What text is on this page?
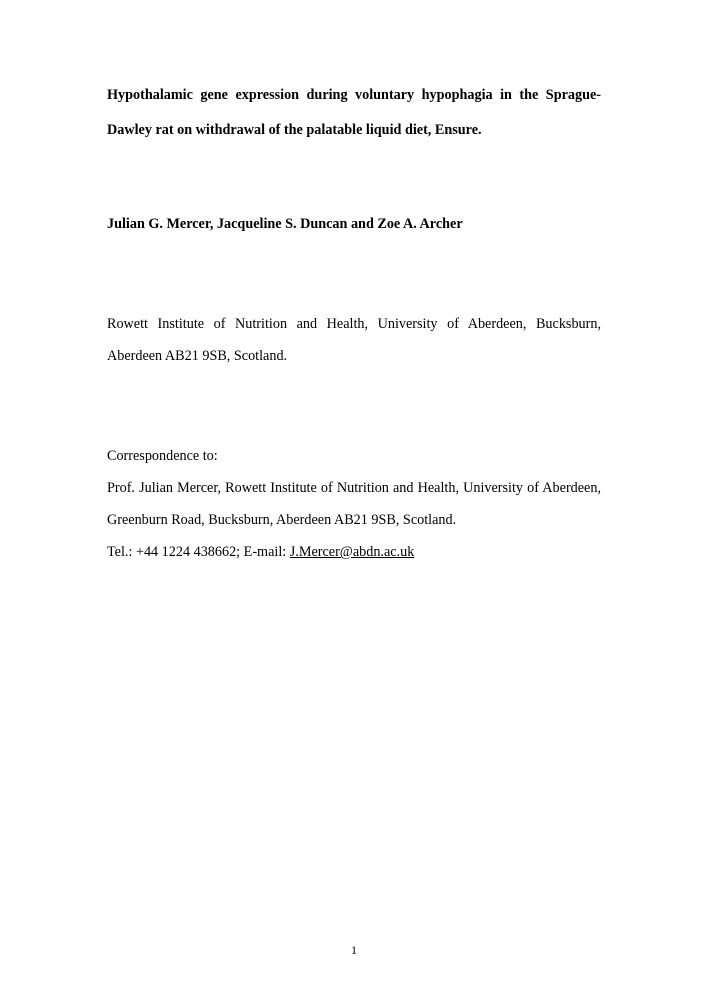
Hypothalamic gene expression during voluntary hypophagia in the Sprague-
Dawley rat on withdrawal of the palatable liquid diet, Ensure.
Julian G. Mercer, Jacqueline S. Duncan and Zoe A. Archer
Rowett Institute of Nutrition and Health, University of Aberdeen, Bucksburn,
Aberdeen AB21 9SB, Scotland.
Correspondence to:
Prof. Julian Mercer, Rowett Institute of Nutrition and Health, University of Aberdeen,
Greenburn Road, Bucksburn, Aberdeen AB21 9SB, Scotland.
Tel.: +44 1224 438662; E-mail: J.Mercer@abdn.ac.uk
1
